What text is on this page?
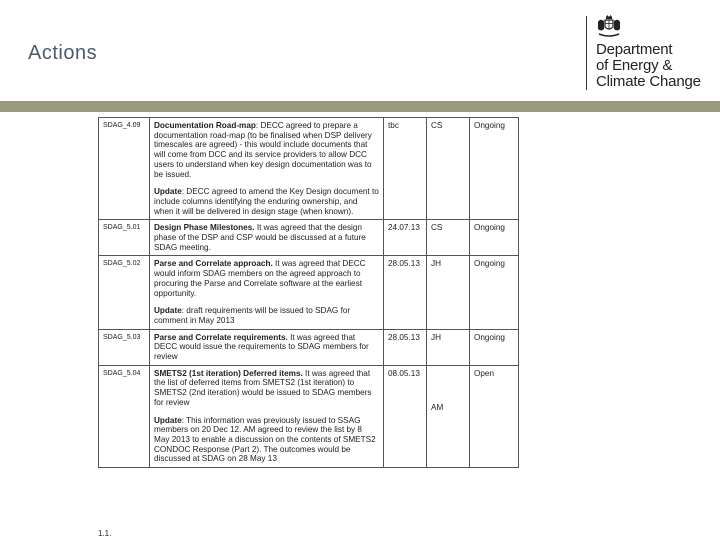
Actions	Department
of Energy &
Climate Change
SDAG_4.09	Documentation Road-map: DECC agreed to prepare a documentation road-map (to be finalised when DSP delivery timescales are agreed) - this would include documents that will come from DCC and its service providers to allow DCC users to understand when key design documentation was to be issued.
Update: DECC agreed to amend the Key Design document to include columns identifying the enduring ownership, and when it will be delivered in design stage (when known).	tbc	CS	Ongoing
SDAG_5.01	Design Phase Milestones. It was agreed that the design phase of the DSP and CSP would be discussed at a future SDAG meeting.	24.07.13	CS	Ongoing
SDAG_5.02	Parse and Correlate approach. It was agreed that DECC would inform SDAG members on the agreed approach to procuring the Parse and Correlate software at the earliest opportunity.
Update: draft requirements will be issued to SDAG for comment in May 2013	28.05.13	JH	Ongoing
SDAG_5.03	Parse and Correlate requirements. It was agreed that DECC would issue the requirements to SDAG members for review	28.05.13	JH	Ongoing
SDAG_5.04	SMETS2 (1st iteration) Deferred items. It was agreed that the list of deferred items from SMETS2 (1st iteration) to SMETS2 (2nd iteration) would be issued to SDAG members for review
Update: This information was previously issued to SSAG members on 20 Dec 12. AM agreed to review the list by 8 May 2013 to enable a discussion on the contents of SMETS2 CONDOC Response (Part 2). The outcomes would be discussed at SDAG on 28 May 13	08.05.13	AM	Open
1.1.
